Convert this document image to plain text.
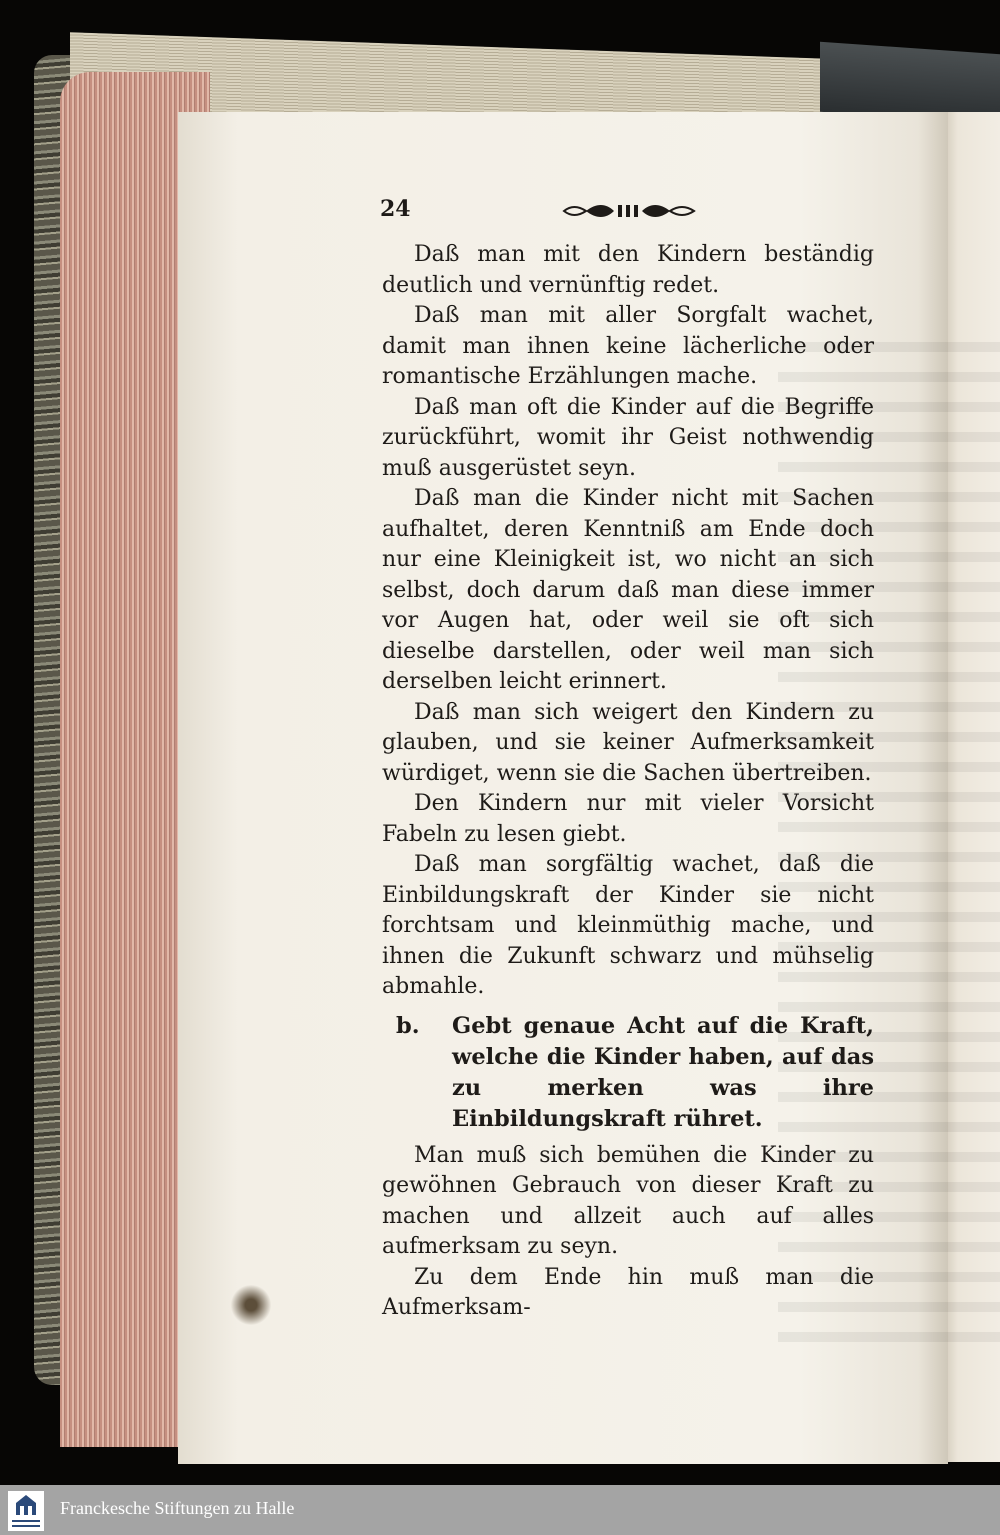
24

Daß man mit den Kindern beständig deutlich und vernünftig redet.

Daß man mit aller Sorgfalt wachet, damit man ihnen keine lächerliche oder romantische Erzählungen mache.

Daß man oft die Kinder auf die Begriffe zurückführt, womit ihr Geist nothwendig muß ausgerüstet seyn.

Daß man die Kinder nicht mit Sachen aufhaltet, deren Kenntniß am Ende doch nur eine Kleinigkeit ist, wo nicht an sich selbst, doch darum daß man diese immer vor Augen hat, oder weil sie oft sich dieselbe darstellen, oder weil man sich derselben leicht erinnert.

Daß man sich weigert den Kindern zu glauben, und sie keiner Aufmerksamkeit würdiget, wenn sie die Sachen übertreiben.

Den Kindern nur mit vieler Vorsicht Fabeln zu lesen giebt.

Daß man sorgfältig wachet, daß die Einbildungskraft der Kinder sie nicht forchtsam und kleinmüthig mache, und ihnen die Zukunft schwarz und mühselig abmahle.

b. Gebt genaue Acht auf die Kraft, welche die Kinder haben, auf das zu merken was ihre Einbildungskraft rühret.

Man muß sich bemühen die Kinder zu gewöhnen Gebrauch von dieser Kraft zu machen und allzeit auch auf alles aufmerksam zu seyn.

Zu dem Ende hin muß man die Aufmerksam-

Franckesche Stiftungen zu Halle
